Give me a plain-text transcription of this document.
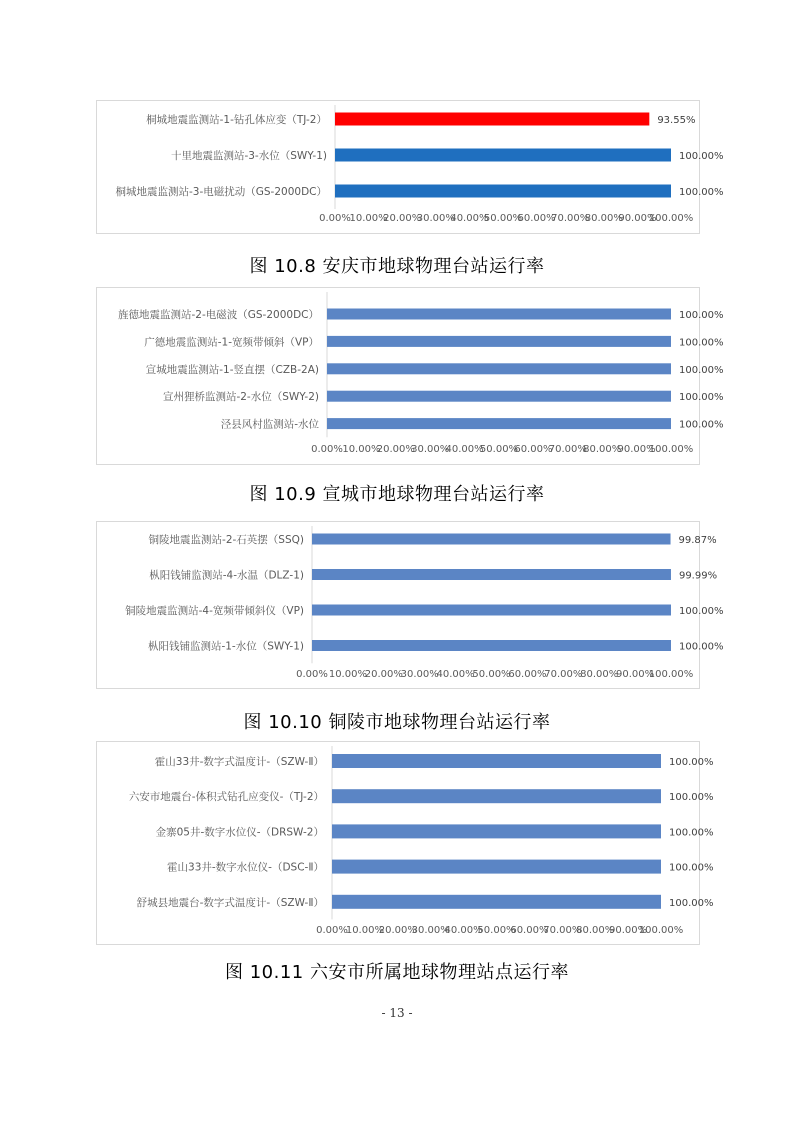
桐城地震监测站-1-钻孔体应变（TJ-2）	93.55%
十里地震监测站-3-水位（SWY-1)	100.00%
桐城地震监测站-3-电磁扰动（GS-2000DC）	100.00%
0.00%
10.00%
20.00%
30.00%
40.00%
50.00%
60.00%
70.00%
80.00%
90.00%
100.00%
图 10.8 安庆市地球物理台站运行率
旌德地震监测站-2-电磁波（GS-2000DC）	100.00%
广德地震监测站-1-宽频带倾斜（VP）	100.00%
宣城地震监测站-1-竖直摆（CZB-2A)	100.00%
宣州狸桥监测站-2-水位（SWY-2)	100.00%
泾县风村监测站-水位	100.00%
0.00% 10.00%
20.00%
30.00%
40.00%
50.00%
60.00%
70.00%
80.00%
90.00%
100.00%
图 10.9 宣城市地球物理台站运行率
铜陵地震监测站-2-石英摆（SSQ)	99.87%
枞阳钱铺监测站-4-水温（DLZ-1)	99.99%
铜陵地震监测站-4-宽频带倾斜仪（VP)	100.00%
枞阳钱铺监测站-1-水位（SWY-1)	100.00%
0.00% 10.00%
20.00%
30.00%
40.00%
50.00%
60.00%
70.00%
80.00%
90.00%
100.00%
图 10.10 铜陵市地球物理台站运行率
霍山33井-数字式温度计-（SZW-Ⅱ）	100.00%
六安市地震台-体积式钻孔应变仪-（TJ-2）	100.00%
金寨05井-数字水位仪-（DRSW-2）	100.00%
霍山33井-数字水位仪-（DSC-Ⅱ）	100.00%
舒城县地震台-数字式温度计-（SZW-Ⅱ）	100.00%
0.00%
10.00%
20.00%
30.00%
40.00%
50.00%
60.00%
70.00%
80.00%
90.00%
100.00%
图 10.11 六安市所属地球物理站点运行率
- 13 -
